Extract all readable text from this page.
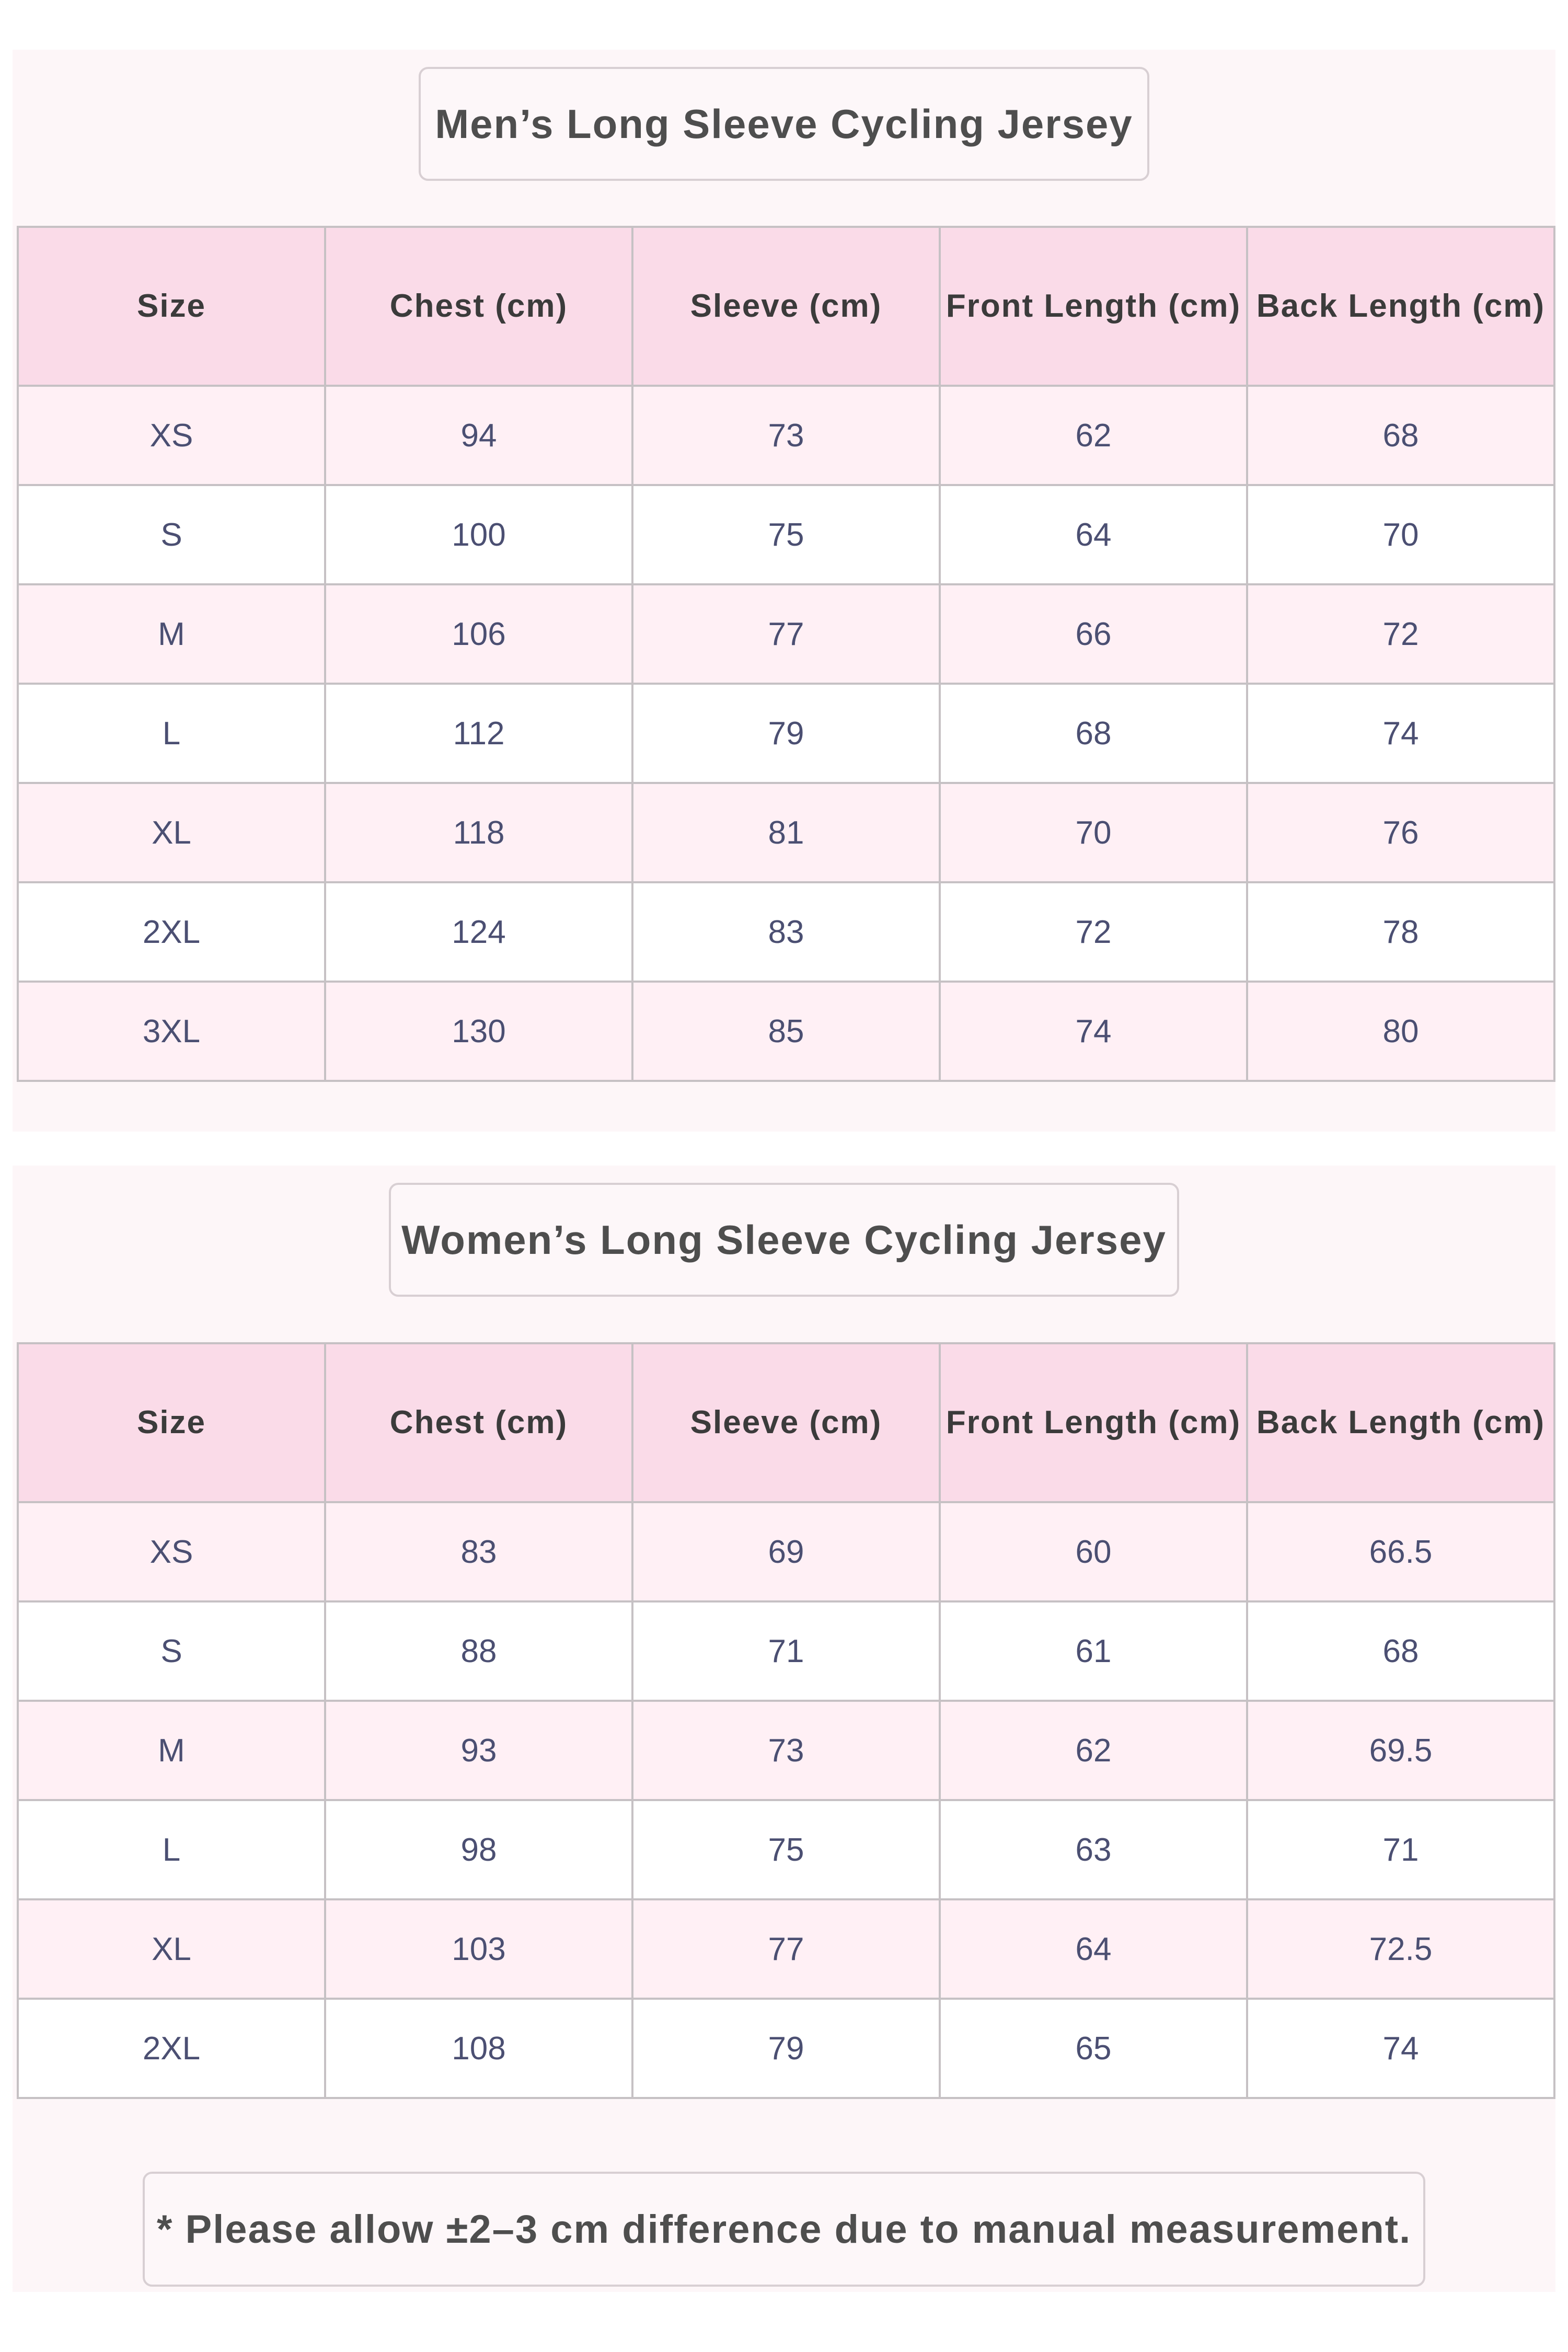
Men’s Long Sleeve Cycling Jersey
Size	Chest (cm)	Sleeve (cm)	Front Length (cm)	Back Length (cm)
XS	94	73	62	68
S	100	75	64	70
M	106	77	66	72
L	112	79	68	74
XL	118	81	70	76
2XL	124	83	72	78
3XL	130	85	74	80
Women’s Long Sleeve Cycling Jersey
Size	Chest (cm)	Sleeve (cm)	Front Length (cm)	Back Length (cm)
XS	83	69	60	66.5
S	88	71	61	68
M	93	73	62	69.5
L	98	75	63	71
XL	103	77	64	72.5
2XL	108	79	65	74
* Please allow ±2–3 cm difference due to manual measurement.
